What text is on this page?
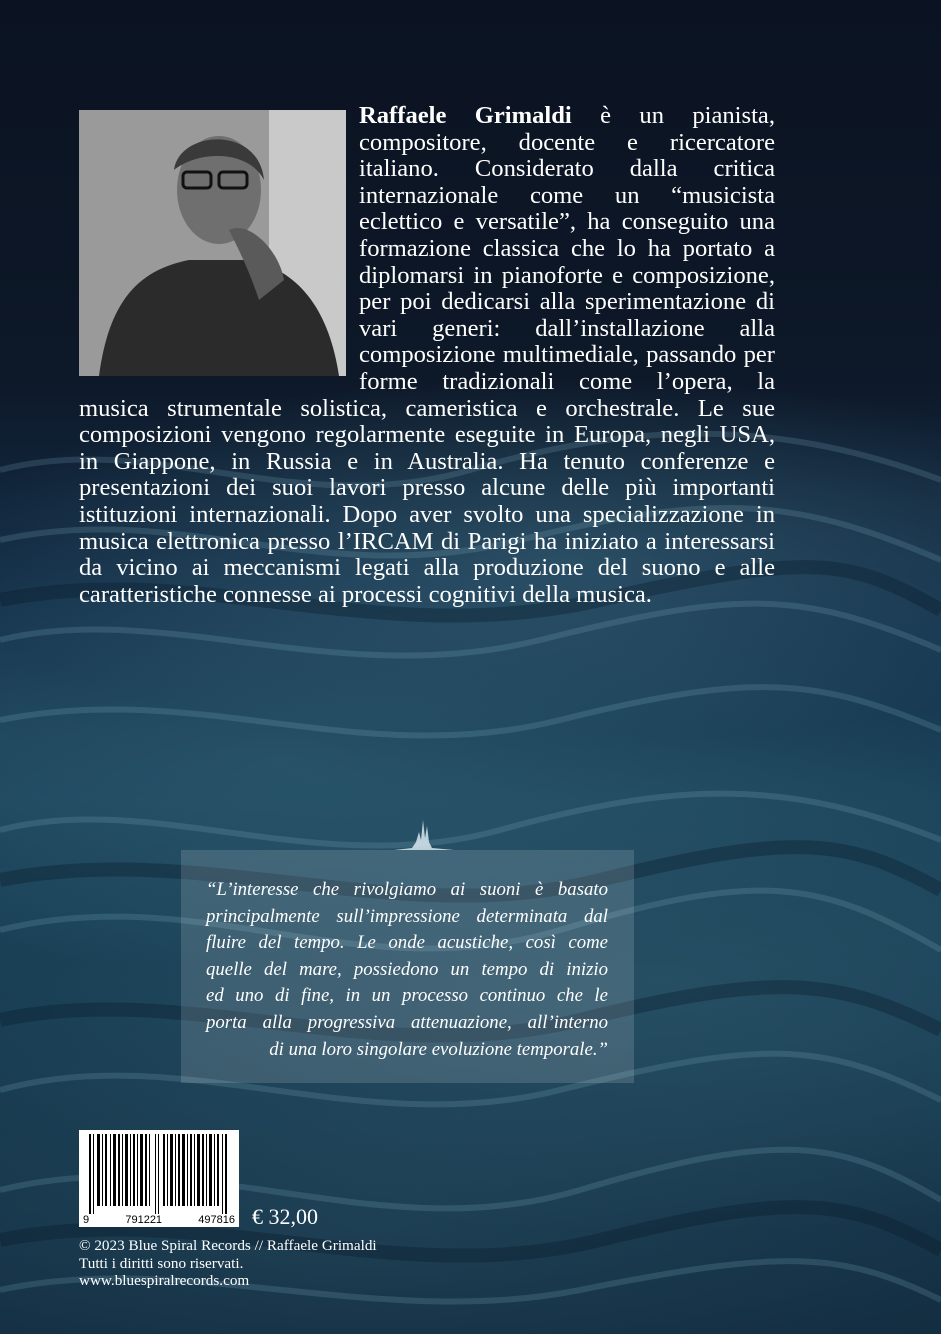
Raffaele Grimaldi è un pianista, compositore, docente e ricercatore italiano. Considerato dalla critica internazionale come un “musicista eclettico e versatile”, ha conseguito una formazione classica che lo ha portato a diplomarsi in pianoforte e composizione, per poi dedicarsi alla sperimentazione di vari generi: dall’installazione alla composizione multimediale, passando per forme tradizionali come l’opera, la musica strumentale solistica, cameristica e orchestrale. Le sue composizioni vengono regolarmente eseguite in Europa, negli USA, in Giappone, in Russia e in Australia. Ha tenuto conferenze e presentazioni dei suoi lavori presso alcune delle più importanti istituzioni internazionali. Dopo aver svolto una specializzazione in musica elettronica presso l’IRCAM di Parigi ha iniziato a interessarsi da vicino ai meccanismi legati alla produzione del suono e alle caratteristiche connesse ai processi cognitivi della musica.
“L’interesse che rivolgiamo ai suoni è basato
principalmente sull’impressione determinata dal
fluire del tempo. Le onde acustiche, così come
quelle del mare, possiedono un tempo di inizio
ed uno di fine, in un processo continuo che le
porta alla progressiva attenuazione, all’interno
di una loro singolare evoluzione temporale.”
9	791221	497816 € 32,00
© 2023 Blue Spiral Records // Raffaele Grimaldi
Tutti i diritti sono riservati.
www.bluespiralrecords.com
